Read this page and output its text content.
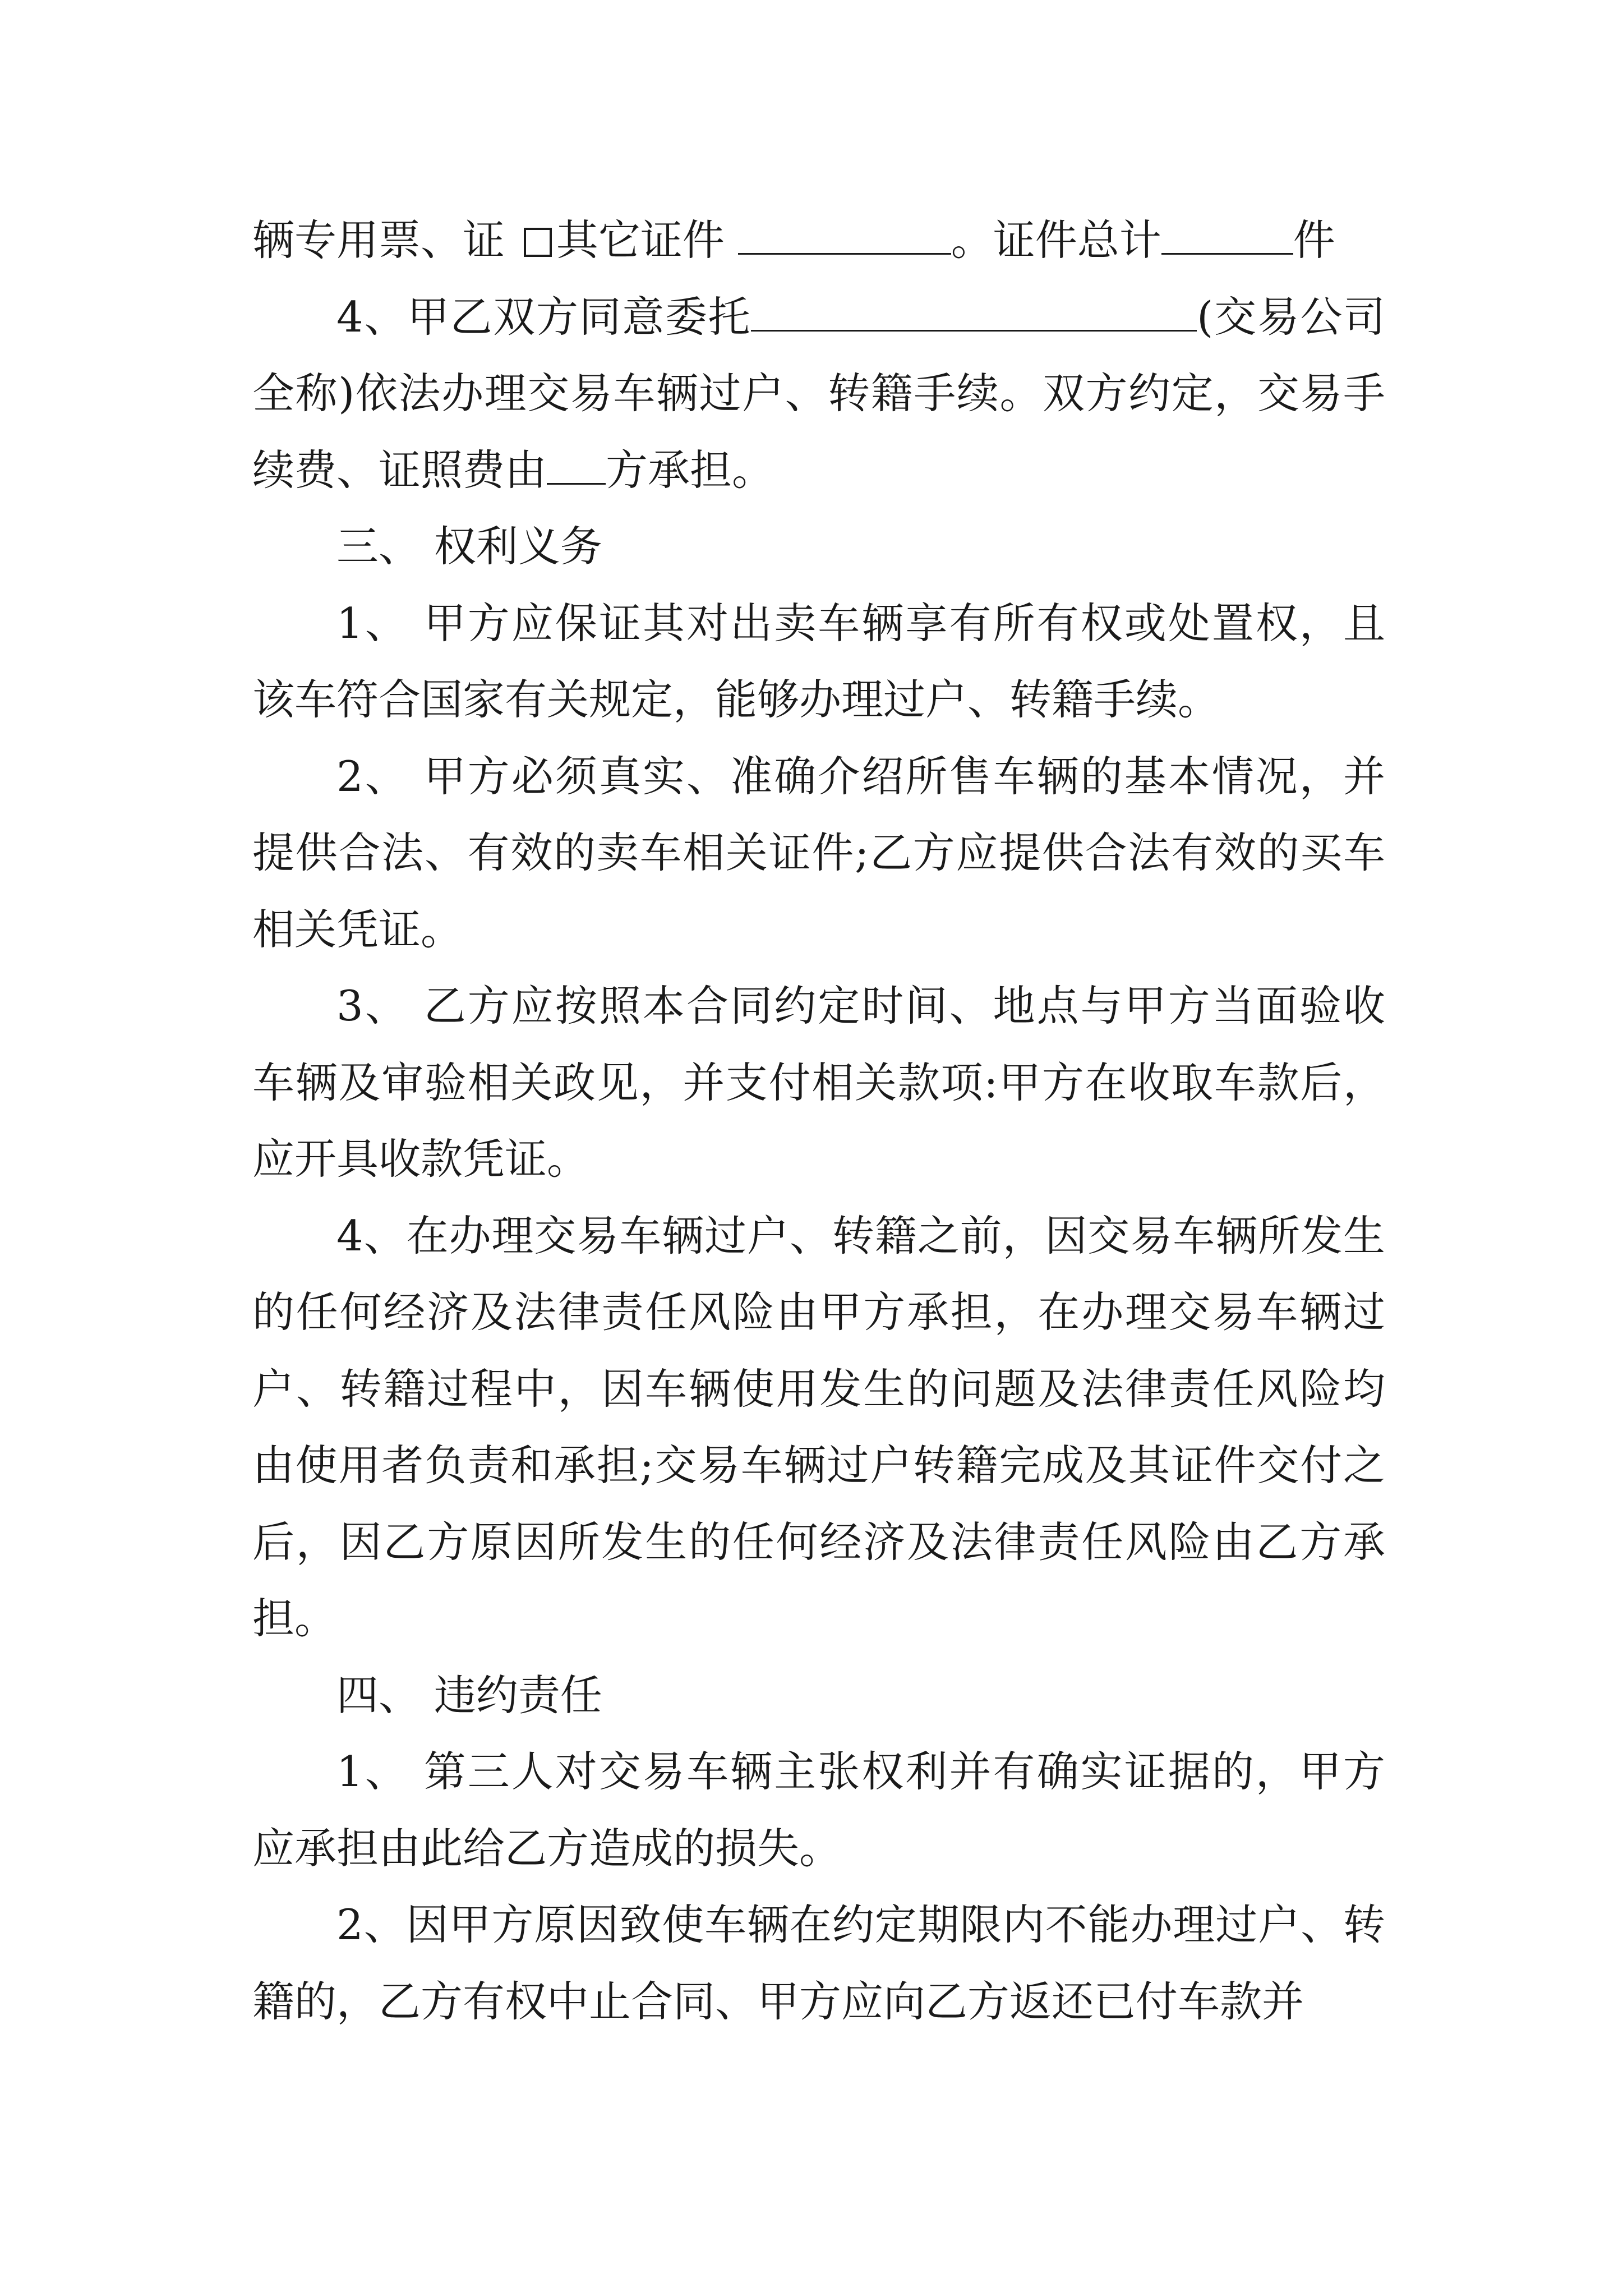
辆专用票、证 其它证件	。证件总计	件

4、甲乙双方同意委托	(交易公司全称)依法办理交易车辆过户、转籍手续。双方约定，交易手续费、证照费由 方承担。

三、 权利义务

1、 甲方应保证其对出卖车辆享有所有权或处置权，且该车符合国家有关规定，能够办理过户、转籍手续。

2、 甲方必须真实、准确介绍所售车辆的基本情况，并提供合法、有效的卖车相关证件;乙方应提供合法有效的买车相关凭证。

3、 乙方应按照本合同约定时间、地点与甲方当面验收车辆及审验相关政见，并支付相关款项:甲方在收取车款后，应开具收款凭证。

4、在办理交易车辆过户、转籍之前，因交易车辆所发生的任何经济及法律责任风险由甲方承担，在办理交易车辆过户、转籍过程中，因车辆使用发生的问题及法律责任风险均由使用者负责和承担;交易车辆过户转籍完成及其证件交付之后，因乙方原因所发生的任何经济及法律责任风险由乙方承担。

四、 违约责任

1、 第三人对交易车辆主张权利并有确实证据的，甲方应承担由此给乙方造成的损失。

2、因甲方原因致使车辆在约定期限内不能办理过户、转籍的，乙方有权中止合同、甲方应向乙方返还已付车款并
